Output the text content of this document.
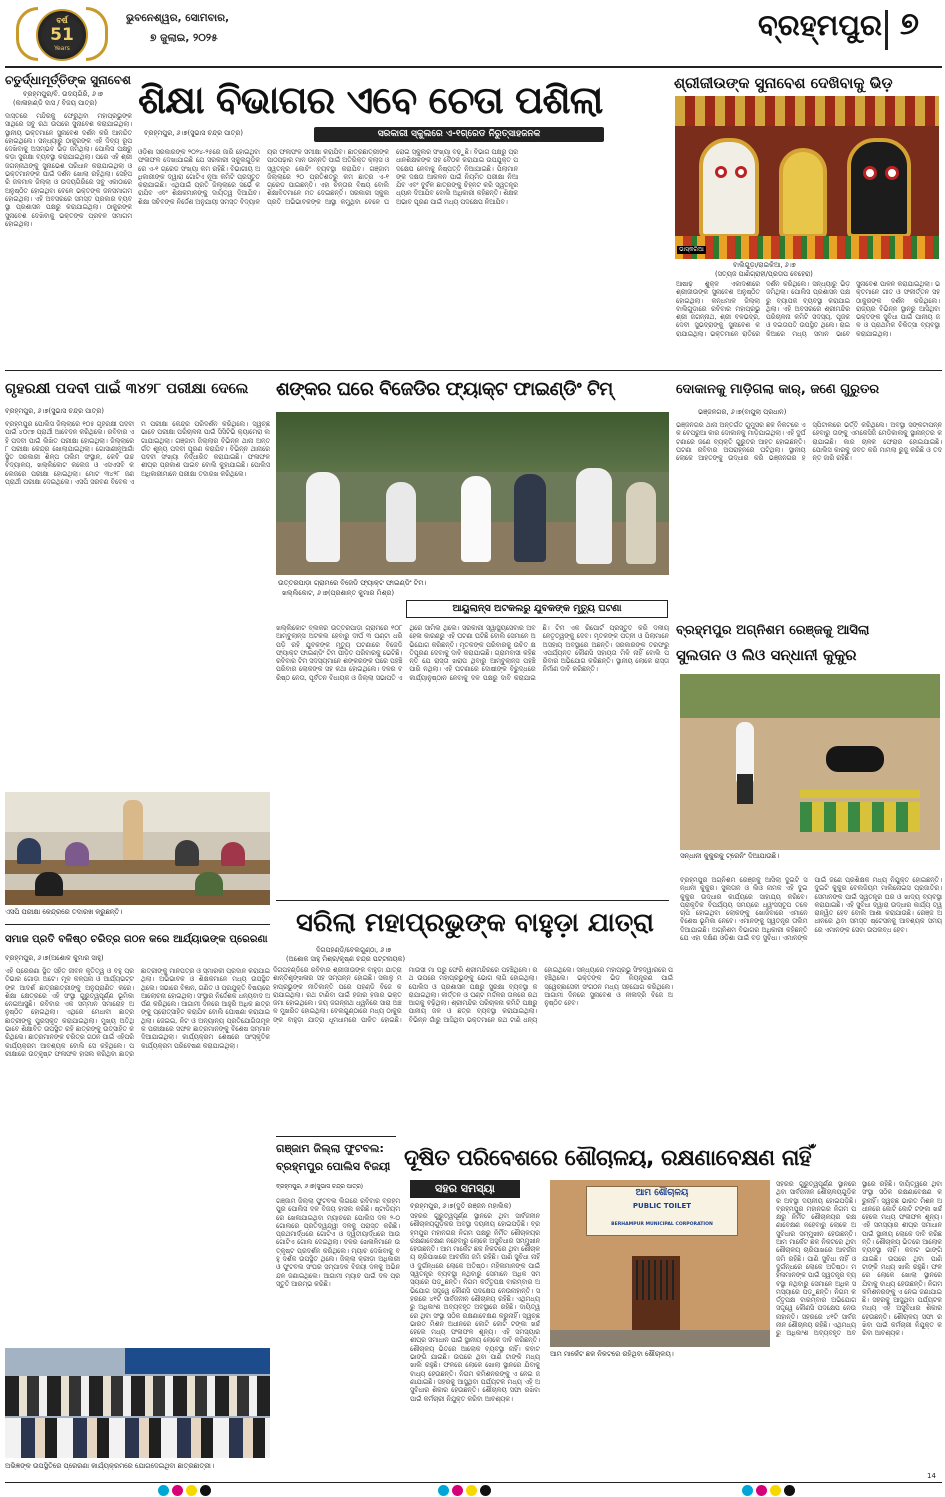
ବର୍ଷ
51
Years
ଭୁବନେଶ୍ୱର, ସୋମବାର,
୭ ଜୁଲାଇ, ୨୦୨୫	ବ୍ରହ୍ମପୁର ୭
ଚତୁର୍ଦ୍ଧାମୂର୍ତ୍ତିଙ୍କ ସୁନାବେଶ
ବ୍ରହ୍ମପୁର/ବି. ଉଦୟଗିରି, ୬।୭
(କାଳାହାଣ୍ଡି ଦାସ / ବିଜୟ ପାତ୍ର)
ଦାସ୍ତରେ ମନ୍ଦିରକୁ ଫେରୁଥିବା ମହାପ୍ରଭୁଙ୍କ ସାଥିରେ ସବୁ ରଥ ଉପରେ ସୁନାବେଶ କରାଯାଇଥିଲା। ସ୍ଥାନୀୟ ଭକ୍ତମାନେ ସୁନାବେଶ ଦର୍ଶନ କରି ଆନନ୍ଦିତ ହୋଇଥିଲେ। ସନ୍ଧ୍ୟାରୁ ଠାକୁରଙ୍କ ଏହି ଦିବ୍ୟ ରୂପ ଦେଖିବାକୁ ଅସମ୍ଭବ ଭିଡ଼ ଜମିଥିଲା। ପୋଲିସ ପକ୍ଷରୁ କଡ଼ା ସୁରକ୍ଷା ବ୍ୟବସ୍ଥା କରାଯାଇଥିଲା। ପରେ ଏହି ଶ୍ରୀ ଜଗନ୍ନାଥଙ୍କୁ ସୁନାଭେଶ ପରିଧାନ କରାଯାଇଥିଲା ଓ ଭକ୍ତମାନଙ୍କ ପାଇଁ ଦର୍ଶନ ଖୋଲା ରହିଥିଲା। ସେହିପରି ଜଳମାଳ ଜିଲ୍ଲା ଓ ଉଦୟଗିରିରେ ସବୁ ଏକାଠାରେ ଅନୁଷ୍ଠିତ ହୋଇଥିବା ବେଳେ ଭକ୍ତଙ୍କ ଜନସମାଗମ ହୋଇଥିଲା। ଏହି ଅବସରରେ ସମସ୍ତ ପ୍ରକାର ବ୍ୟବସ୍ଥା ପ୍ରଶାସନ ପକ୍ଷରୁ କରାଯାଇଥିଲା। ଠାକୁରଙ୍କ ସୁନାବେଶ ଦେଖିବାକୁ ଭକ୍ତଙ୍କ ପ୍ରବଳ ସମାଗମ ହୋଇଥିଲା।
ଶିକ୍ଷା ବିଭାଗର ଏବେ ଚେତା ପଶିଲା
ବ୍ରହ୍ମପୁର, ୬।୭(ସୁଭାସ ଚନ୍ଦ୍ର ପାତ୍ର)	ସରକାରୀ ସ୍କୁଲରେ ଏ-୧ଗ୍ରେଡ ନିରୁତ୍ସାହଜନକ
ଓଡ଼ିଶା ସରକାରଙ୍କ ୨୦୨୪-୨୫ରେ ଜାରି ହୋଇଥିବା ଫଳାଫଳ ଦେଖାଯାଇଛି ଯେ ସରକାରୀ ସ୍କୁଲଗୁଡ଼ିକରେ ଏ-୧ ଗ୍ରେଡ ସଂଖ୍ୟା କମ ରହିଛି। ବିଭାଗୀୟ ଅଧିକାରୀଙ୍କ ଦ୍ୱାରା ଗୋଟିଏ ନୂଆ କମିଟି ପ୍ରସ୍ତୁତ କରାଯାଇଛି। ଏଥିପାଇଁ ପ୍ରତି ଜିଲ୍ଲାରେ ସର୍ଭେ କରାଯିବ ଏବଂ ଶିକ୍ଷକମାନଙ୍କୁ ଦାୟିତ୍ୱ ଦିଆଯିବ। ଶିକ୍ଷା ସଚିବଙ୍କ ନିର୍ଦ୍ଦେଶ ଅନୁଯାୟୀ ସମସ୍ତ ବିଦ୍ୟାଳୟର ଫଳାଫଳ ସମୀକ୍ଷା କରାଯିବ। ଛାତ୍ରଛାତ୍ରୀଙ୍କ ପାଠପଢ଼ାର ମାନ ଉନ୍ନତି ପାଇଁ ଅତିରିକ୍ତ କ୍ଲାସ ଓ ସ୍ୱତନ୍ତ୍ର କୋଚିଂ ବ୍ୟବସ୍ଥା କରାଯିବ। ଗଞ୍ଜାମ ଜିଲ୍ଲାରେ ୨୦ ପ୍ରତିଶତରୁ କମ ଛାତ୍ର ଏ-୧ ଗ୍ରେଡ ପାଇଛନ୍ତି। ଏହା ଚିନ୍ତାର ବିଷୟ ବୋଲି ଶିକ୍ଷାବିତମାନେ ମତ ଦେଇଛନ୍ତି। ସରକାରୀ ସ୍କୁଲ ପ୍ରତି ଅଭିଭାବକଙ୍କ ଆସ୍ଥା କମୁଥିବା ବେଳେ ଘରୋଇ ସ୍କୁଲର ସଂଖ୍ୟା ବଢ଼ୁଛି। ବିଭାଗ ପକ୍ଷରୁ ପ୍ରଧାନଶିକ୍ଷକଙ୍କ ସହ ବୈଠକ କରାଯାଇ ଉପଯୁକ୍ତ ପଦକ୍ଷେପ ନେବାକୁ ନିଷ୍ପତ୍ତି ନିଆଯାଇଛି। ପିଲାମାନଙ୍କ ଦକ୍ଷତା ଆକଳନ ପାଇଁ ନିୟମିତ ପରୀକ୍ଷା ନିଆଯିବ ଏବଂ ଦୁର୍ବଳ ଛାତ୍ରଙ୍କୁ ଚିହ୍ନଟ କରି ସ୍ୱତନ୍ତ୍ର ଧ୍ୟାନ ଦିଆଯିବ ବୋଲି ଅଧିକାରୀ କହିଛନ୍ତି। ଶିକ୍ଷକ ଅଭାବ ପୂରଣ ପାଇଁ ମଧ୍ୟ ପଦକ୍ଷେପ ନିଆଯିବ।
ଶ୍ରୀଜୀଉଙ୍କ ସୁନାବେଶ ଦେଖିବାକୁ ଭିଡ଼
ଭାସ୍କରିଆ
ବାଲିଗୁଡ଼ା/ରାଇକିଆ, ୬।୭
(ସତ୍ୟଜ ପାଣିଗ୍ରାହୀ/ପ୍ରତାପ ବେହେରା)
ଆଷାଢ଼ ଶୁକ୍ଳ ଏକାଦଶୀରେ ଶ୍ରୀଜୀଉଙ୍କ ସୁନାବେଶ ଅନୁଷ୍ଠିତ ହୋଇଥିଲା। କନ୍ଧମାଳ ଜିଲ୍ଲା ବାଲିଗୁଡ଼ାରେ ରବିବାର ମହାପ୍ରଭୁ ଶ୍ରୀ ଜଗନ୍ନାଥ, ଶ୍ରୀ ବଳଭଦ୍ର, ଦେବୀ ସୁଭଦ୍ରାଙ୍କୁ ସୁନାବେଶ କରାଯାଇଥିଲା। ଭକ୍ତମାନେ ରାତିରେ ଦର୍ଶନ କରିଥିଲେ। ସନ୍ଧ୍ୟାରୁ ଭିଡ଼ ଜମିଥିଲା। ପୋଲିସ ପ୍ରଶାସନ ପକ୍ଷରୁ ବ୍ୟାପକ ବ୍ୟବସ୍ଥା କରାଯାଇଥିଲା। ଏହି ଅବସରରେ ଶ୍ରୀମନ୍ଦିର ପରିଚାଳନା କମିଟି ସଦସ୍ୟ, ପୂଜକ ଓ ଦଇତାପତି ଉପସ୍ଥିତ ଥିଲେ। ରାଇକିଆରେ ମଧ୍ୟ ସମାନ ଭାବେ ସୁନାବେଶ ପାଳନ କରାଯାଇଥିଲା। ଭକ୍ତମାନେ ଗୀତ ଓ ସଂକୀର୍ତ୍ତନ ସହ ଠାକୁରଙ୍କ ଦର୍ଶନ କରିଥିଲେ। ରାଜ୍ୟର ବିଭିନ୍ନ ସ୍ଥାନରୁ ଆସିଥିବା ଭକ୍ତଙ୍କ ସୁବିଧା ପାଇଁ ପାନୀୟ ଜଳ ଓ ପ୍ରାଥମିକ ଚିକିତ୍ସା ବ୍ୟବସ୍ଥା କରାଯାଇଥିଲା।
ଗୃହରକ୍ଷୀ ପଦବୀ ପାଇଁ ୩୪୨୮ ପରୀକ୍ଷା ଦେଲେ
ବ୍ରହ୍ମପୁର, ୬।୭(ସୁଭାସ ଚନ୍ଦ୍ର ପାତ୍ର)
ବ୍ରହ୍ମପୁର ପୋଲିସ ଜିଲ୍ଲାରେ ୧୦୫ ଗୃହରକ୍ଷୀ ପଦବୀ ପାଇଁ ୪୦୯୭ ପ୍ରାର୍ଥୀ ଆବେଦନ କରିଥିଲେ। ରବିବାର ଏହି ପଦବୀ ପାଇଁ ଲିଖିତ ପରୀକ୍ଷା ହୋଇଥିଲା। ଜିଲ୍ଲାରେ ୮ ପରୀକ୍ଷା କେନ୍ଦ୍ର ଖୋଲାଯାଇଥିଲା। ଗୋସାଣୀନୂଆଗାଁ ସ୍ଥିତ ସରକାରୀ ଶିଳ୍ପ ତାଲିମ ସଂସ୍ଥାନ, କେବି ଉଚ୍ଚ ବିଦ୍ୟାଳୟ, ଖଲ୍ଲିକୋଟ କଲେଜ ଓ ଏସଏସବି କଲେଜରେ ପରୀକ୍ଷା ହୋଇଥିଲା। ମୋଟ ୩୪୨୮ ଜଣ ପ୍ରାର୍ଥୀ ପରୀକ୍ଷା ଦେଇଥିଲେ। ଏସପି ସରବଣ ବିବେକ ଏମ ପରୀକ୍ଷା କେନ୍ଦ୍ର ପରିଦର୍ଶନ କରିଥିଲେ। ସ୍ୱଚ୍ଛ ଭାବେ ପରୀକ୍ଷା ପରିଚାଳନା ପାଇଁ ସିସିଟିଭି କ୍ୟାମେରା ଲଗାଯାଇଥିଲା। ଗଞ୍ଜାମ ଜିଲ୍ଲାର ବିଭିନ୍ନ ଥାନା ଅନ୍ତର୍ଗତ ଶୂନ୍ୟ ପଦବୀ ପୂରଣ କରାଯିବ। ବିଭିନ୍ନ ଥାନାରେ ପଦବୀ ସଂଖ୍ୟା ନିର୍ଦ୍ଧାରିତ କରାଯାଇଛି। ଫଳାଫଳ ଶୀଘ୍ର ପ୍ରକାଶ ପାଇବ ବୋଲି କୁହାଯାଇଛି। ପୋଲିସ ଅଧିକାରୀମାନେ ପରୀକ୍ଷା ତଦାରଖ କରିଥିଲେ।
ଏସପି ପରୀକ୍ଷା କେନ୍ଦ୍ରରେ ତଦାରଖ କରୁଛନ୍ତି।
ଶଙ୍କର ଘରେ ବିଜେଡିର ଫ୍ୟାକ୍ଟ ଫାଇଣ୍ଡିଂ ଟିମ୍
ଉତ୍ତରପାଡ଼ା ଗ୍ରାମରେ ବିଜେଡି ଫ୍ୟାକ୍ଟ ଫାଇଣ୍ଡିଂ ଟିମ।
ଖଲ୍ଲିକୋଟ, ୬।୭(ପ୍ରଶାନ୍ତ କୁମାର ମିଶ୍ର)
ଆୟୁଲାନ୍ସ ଅଟକଲରୁ ଯୁବକଙ୍କ ମୃତ୍ୟୁ ଘଟଣା
ଖଲ୍ଲିକୋଟ ବ୍ଲକର ଉତ୍ତରପାଡ଼ା ଗ୍ରାମରେ ୧୦୮ ଆମ୍ବୁଲାନ୍ସ ଅଟକଲ ହେବାରୁ ଦୀର୍ଘ ୩ ଘଣ୍ଟା ଧରି ପଡ଼ି ରହି ଯୁବକଙ୍କ ମୃତ୍ୟୁ ଘଟଣାରେ ବିଜେଡି ଫ୍ୟାକ୍ଟ ଫାଇଣ୍ଡିଂ ଟିମ ପୀଡ଼ିତ ପରିବାରକୁ ଭେଟିଛି। ରବିବାର ଟିମ ସଦସ୍ୟମାନେ ଶଙ୍କରଙ୍କ ଘରେ ପହଞ୍ଚି ପରିବାର ଲୋକଙ୍କ ସହ କଥା ହୋଇଥିଲେ। ଦଳର ବରିଷ୍ଠ ନେତା, ପୂର୍ବତନ ବିଧାୟକ ଓ ଜିଲ୍ଲା ସଭାପତି ଏଥିରେ ସାମିଲ ଥିଲେ। ସରକାରୀ ସ୍ୱାସ୍ଥ୍ୟସେବାର ଅବହେଳା କାରଣରୁ ଏହି ଘଟଣା ଘଟିଛି ବୋଲି ସେମାନେ ଅଭିଯୋଗ କରିଛନ୍ତି। ମୃତକଙ୍କ ପରିବାରକୁ ଉଚିତ କ୍ଷତିପୂରଣ ଦେବାକୁ ଦାବି କରାଯାଇଛି। ଗ୍ରାମବାସୀ କହିଛନ୍ତି ଯେ ରାସ୍ତା ଖରାପ ଥିବାରୁ ଆମ୍ବୁଲାନ୍ସ ପହଞ୍ଚି ପାରି ନଥିଲା। ଏହି ଘଟଣାରେ ଦୋଷୀଙ୍କ ବିରୁଦ୍ଧରେ କାର୍ଯ୍ୟାନୁଷ୍ଠାନ ନେବାକୁ ଦଳ ପକ୍ଷରୁ ଦାବି କରାଯାଇଛି। ଟିମ ଏକ ରିପୋର୍ଟ ପ୍ରସ୍ତୁତ କରି ଦଳୀୟ ନେତୃତ୍ୱଙ୍କୁ ଦେବ। ମୃତକଙ୍କ ପତ୍ନୀ ଓ ପିଲାମାନେ ଅସହାୟ ଅବସ୍ଥାରେ ଅଛନ୍ତି। ସରକାରଙ୍କ ତରଫରୁ ଏପର୍ଯ୍ୟନ୍ତ କୌଣସି ସହାୟତା ମିଳି ନାହିଁ ବୋଲି ପରିବାର ଅଭିଯୋଗ କରିଛନ୍ତି। ସ୍ଥାନୀୟ ଲୋକେ ରାସ୍ତା ନିର୍ମାଣ ଦାବି କରିଛନ୍ତି।
ଦୋକାନକୁ ମାଡ଼ିଗଲା କାର୍, ଜଣେ ଗୁରୁତର
ଭଞ୍ଜନଗର, ୬।୭(ବାପୁଲା ପ୍ରଧାନ)
ଭଞ୍ଜନଗର ଥାନା ଅନ୍ତର୍ଗତ ଗୁମୁସର ଛକ ନିକଟରେ ଏକ ବେପରୁଆ କାର ଦୋକାନକୁ ମାଡ଼ିଯାଇଥିଲା। ଏହି ଦୁର୍ଘଟଣାରେ ଜଣେ ବ୍ୟକ୍ତି ଗୁରୁତର ଆହତ ହୋଇଛନ୍ତି। ଘଟଣା ରବିବାର ଅପରାହ୍ନରେ ଘଟିଥିଲା। ସ୍ଥାନୀୟ ଲୋକେ ଆହତଙ୍କୁ ଉଦ୍ଧାର କରି ଭଞ୍ଜନଗର ହସ୍ପିଟାଲରେ ଭର୍ତ୍ତି କରିଥିଲେ। ଅବସ୍ଥା ସଙ୍କଟାପନ୍ନ ହେବାରୁ ତାଙ୍କୁ ଏମକେସିଜି ମେଡିକାଲକୁ ସ୍ଥାନାନ୍ତର କରାଯାଇଛି। କାର ଚାଳକ ଫେରାର ହୋଇଯାଇଛି। ପୋଲିସ କାରକୁ ଜବତ କରି ମାମଲା ରୁଜୁ କରିଛି ଓ ତଦନ୍ତ ଜାରି ରହିଛି।
ବ୍ରହ୍ମପୁର ଅଗ୍ନିଶମ ରେଞ୍ଜକୁ ଆସିଲା
ସୁଲତାନ ଓ ଲିଓ ସନ୍ଧାନୀ କୁକୁର
ସନ୍ଧାନୀ କୁକୁରକୁ ଟ୍ରେନିଂ ଦିଆଯାଉଛି।
ସରିଲା ମହାପ୍ରଭୁଙ୍କ ବାହୁଡ଼ା ଯାତ୍ରା
ଦିଗପହଣ୍ଡି/ବେଲଗୁଣ୍ଠା, ୬।୭
(ଅଶୋକ ସାହୁ ମିଶ୍ର/କୃଷ୍ଣ ଚନ୍ଦ୍ର ପଟ୍ଟନାୟକ)
ଦିଗପହଣ୍ଡିରେ ରବିବାର ଶ୍ରୀଜୀଉଙ୍କ ବାହୁଡ଼ା ଯାତ୍ରା ଶାନ୍ତିଶୃଙ୍ଖଳାର ସହ ସମ୍ପନ୍ନ ହୋଇଛି। ସକାଳୁ ମହାପ୍ରଭୁଙ୍କ ନୀତିକାନ୍ତି ପରେ ପହଣ୍ଡି ବିଜେ କରାଯାଇଥିଲା। ରଥ ଟାଣିବା ପାଇଁ ହଜାର ହଜାର ଭକ୍ତ ଜମା ହୋଇଥିଲେ। ଜୟ ଜଗନ୍ନାଥ ଧ୍ୱନିରେ ସାରା ଅଞ୍ଚଳ ମୁଖରିତ ହୋଇଥିଲା। ବେଲଗୁଣ୍ଠାରେ ମଧ୍ୟ ଠାକୁରଙ୍କ ବାହୁଡ଼ା ଯାତ୍ରା ଧୂମଧାମରେ ପାଳିତ ହୋଇଛି। ମାଉସୀ ମା ଘରୁ ଫେରି ଶ୍ରୀମନ୍ଦିରରେ ପହଞ୍ଚିଥିଲେ। ରଥ ଉପରେ ମହାପ୍ରଭୁଙ୍କୁ ଭୋଗ ଲାଗି ହୋଇଥିଲା। ପୋଲିସ ଓ ପ୍ରଶାସନ ପକ୍ଷରୁ ସୁରକ୍ଷା ବ୍ୟବସ୍ଥା କରାଯାଇଥିଲା। କୀର୍ତ୍ତନ ଓ ଘଣ୍ଟ ମର୍ଦ୍ଦଳର ତାଳରେ ରଥ ଆଗକୁ ବଢ଼ିଥିଲା। ଶ୍ରୀମନ୍ଦିର ପରିଚାଳନା କମିଟି ପକ୍ଷରୁ ପାନୀୟ ଜଳ ଓ ଛତ୍ର ବ୍ୟବସ୍ଥା କରାଯାଇଥିଲା। ବିଭିନ୍ନ ଗାଁରୁ ଆସିଥିବା ଭକ୍ତମାନେ ରଥ ଟାଣି ଧନ୍ୟ ହୋଇଥିଲେ। ସନ୍ଧ୍ୟାରେ ମହାପ୍ରଭୁ ସିଂହଦ୍ୱାରରେ ପହଞ୍ଚିଥିଲେ। ଭକ୍ତଙ୍କ ଭିଡ଼ ନିୟନ୍ତ୍ରଣ ପାଇଁ ସ୍ୱେଚ୍ଛାସେବୀ ସଂଗଠନ ମଧ୍ୟ ସହଯୋଗ କରିଥିଲେ। ଆଗାମୀ ଦିନରେ ସୁନାବେଶ ଓ ନୀଳାଦ୍ରି ବିଜେ ଅନୁଷ୍ଠିତ ହେବ।
ବ୍ରହ୍ମପୁର ଅଗ୍ନିଶମ ରେଞ୍ଜକୁ ଆସିଲା ଦୁଇଟି ସନ୍ଧାନୀ କୁକୁର। ସୁଲତାନ ଓ ଲିଓ ନାମକ ଏହି ଦୁଇ କୁକୁର ଉଦ୍ଧାର କାର୍ଯ୍ୟରେ ସାହାଯ୍ୟ କରିବେ। ପ୍ରାକୃତିକ ବିପର୍ଯ୍ୟୟ ସମୟରେ ଧ୍ୱଂସସ୍ତୂପ ତଳେ ଚାପି ହୋଇଥିବା ଲୋକଙ୍କୁ ଖୋଜିବାରେ ଏମାନେ ବିଶେଷ ଭୂମିକା ନେବେ। ଏମାନଙ୍କୁ ସ୍ୱତନ୍ତ୍ର ତାଲିମ ଦିଆଯାଇଛି। ଅଗ୍ନିଶମ ବିଭାଗର ଅଧିକାରୀ କହିଛନ୍ତି ଯେ ଏହା ଦକ୍ଷିଣ ଓଡ଼ିଶା ପାଇଁ ବଡ଼ ସୁବିଧା। ଏମାନଙ୍କ ପାଇଁ ଜଣେ ପ୍ରଶିକ୍ଷକ ମଧ୍ୟ ନିଯୁକ୍ତ ହୋଇଛନ୍ତି। ଦୁଇଟି କୁକୁର ବେଲଜିୟମ ମାଲିନୋଇସ ପ୍ରଜାତିର। ସେମାନଙ୍କ ପାଇଁ ସ୍ୱତନ୍ତ୍ର ଘର ଓ ଖାଦ୍ୟ ବ୍ୟବସ୍ଥା କରାଯାଇଛି। ଏହି ସୁବିଧା ଦ୍ୱାରା ଉଦ୍ଧାର କାର୍ଯ୍ୟ ତ୍ୱରାନ୍ୱିତ ହେବ ବୋଲି ଆଶା କରାଯାଉଛି। ରେଞ୍ଜ ଅଧୀନରେ ଥିବା ସମସ୍ତ ଷ୍ଟେସନକୁ ଆବଶ୍ୟକ ସମୟରେ ଏମାନଙ୍କ ସେବା ଉପଲବ୍ଧ ହେବ।
ସମାଜ ପ୍ରତି ବଳିଷ୍ଠ ଚରିତ୍ର ଗଠନ କରେ ଆର୍ଯ୍ୟାଭଙ୍କ ପ୍ରେରଣା
ବ୍ରହ୍ମପୁର, ୬।୭(ଅଶୋକ କୁମାର ସାହୁ)
ଏହି ପ୍ରେରଣା ସ୍ଥିତ ସହିତ ଜୀବନ କୃତିତ୍ୱ ଓ ବହୁ ପ୍ରତିଭାର ଗୋଡ଼ା ଅଟେ। ମୂଳ କଳ୍ପନା ଓ ଆର୍ଯ୍ୟଭଟ୍ଟଙ୍କ ଆଦର୍ଶ ଛାତ୍ରଛାତ୍ରୀଙ୍କୁ ଅନୁପ୍ରାଣିତ କରେ। ଶିକ୍ଷା କ୍ଷେତ୍ରରେ ଏହି ସଂସ୍ଥା ଗୁରୁତ୍ୱପୂର୍ଣ୍ଣ ଭୂମିକା ନେଇଆସୁଛି। ରବିବାର ଏକ ସମ୍ମାନ ସମାରୋହ ଅନୁଷ୍ଠିତ ହୋଇଥିଲା। ଏଥିରେ ମେଧାବୀ ଛାତ୍ରଛାତ୍ରୀଙ୍କୁ ପୁରସ୍କୃତ କରାଯାଇଥିଲା। ମୁଖ୍ୟ ଅତିଥି ଭାବେ ଶିକ୍ଷାବିତ ଉପସ୍ଥିତ ରହି ଛାତ୍ରଙ୍କୁ ଉତ୍ସାହିତ କରିଥିଲେ। ଛାତ୍ରମାନଙ୍କ ଚରିତ୍ର ଗଠନ ପାଇଁ ଏହିପରି କାର୍ଯ୍ୟକ୍ରମ ଆବଶ୍ୟକ ବୋଲି ସେ କହିଥିଲେ। ପରୀକ୍ଷାରେ ଉତ୍କୃଷ୍ଟ ଫଳାଫଳ ହାସଲ କରିଥିବା ଛାତ୍ରଛାତ୍ରୀଙ୍କୁ ମାନପତ୍ର ଓ ସ୍ମାରକୀ ପ୍ରଦାନ କରାଯାଇଥିଲା। ଅଭିଭାବକ ଓ ଶିକ୍ଷକମାନେ ମଧ୍ୟ ଉପସ୍ଥିତ ଥିଲେ। ସଭାରେ ବିଜ୍ଞାନ, ଗଣିତ ଓ ପ୍ରଯୁକ୍ତି ବିଷୟରେ ଆଲୋଚନା ହୋଇଥିଲା। ସଂସ୍ଥାର ନିର୍ଦ୍ଦେଶକ ଧନ୍ୟବାଦ ଅର୍ପଣ କରିଥିଲେ। ଆଗାମୀ ଦିନରେ ଆହୁରି ଅଧିକ ଛାତ୍ରଙ୍କୁ ପ୍ରୋତ୍ସାହିତ କରାଯିବ ବୋଲି ଘୋଷଣା କରାଯାଇଥିଲା। ଜେଇଇ, ନିଟ ଓ ଅନ୍ୟାନ୍ୟ ପ୍ରତିଯୋଗିତାମୂଳକ ପରୀକ୍ଷାରେ ସଫଳ ଛାତ୍ରମାନଙ୍କୁ ବିଶେଷ ସମ୍ମାନ ଦିଆଯାଇଥିଲା। କାର୍ଯ୍ୟକ୍ରମ ଶେଷରେ ସାଂସ୍କୃତିକ କାର୍ଯ୍ୟକ୍ରମ ପରିବେଷଣ କରାଯାଇଥିଲା।
ଅଭିଜ୍ଞଙ୍କ ଉପସ୍ଥିତିରେ ପ୍ରେରଣା କାର୍ଯ୍ୟକ୍ରମରେ ଯୋଗଦେଇଥିବା ଛାତ୍ରଛାତ୍ରୀ।
ଗଞ୍ଜାମ ଜିଲ୍ଲା ଫୁଟବଲ:
ବ୍ରହ୍ମପୁର ପୋଲିସ ବିଜୟୀ
ବ୍ରହ୍ମପୁର, ୬।୭(ସୁଭାସ ଚନ୍ଦ୍ର ପାତ୍ର)
ଗଞ୍ଜାମ ଜିଲ୍ଲା ଫୁଟବଲ ଲିଗରେ ରବିବାର ବ୍ରହ୍ମପୁର ପୋଲିସ ଦଳ ବିଜୟ ହାସଲ କରିଛି। ଷ୍ଟାଡିୟମରେ ଖେଳାଯାଇଥିବା ମ୍ୟାଚରେ ପୋଲିସ ଦଳ ୨-୦ ଗୋଲରେ ପ୍ରତିଦ୍ୱନ୍ଦ୍ୱୀ ଦଳକୁ ପରାସ୍ତ କରିଛି। ପ୍ରଥମାର୍ଦ୍ଧରେ ଗୋଟିଏ ଓ ଦ୍ୱିତୀୟାର୍ଦ୍ଧରେ ଆଉ ଗୋଟିଏ ଗୋଲ ଦେଇଥିଲା। ଦଳର ଖେଳାଳିମାନେ ଉତ୍କୃଷ୍ଟ ପ୍ରଦର୍ଶନ କରିଥିଲେ। ମ୍ୟାଚ ଦେଖିବାକୁ ବହୁ ଦର୍ଶକ ଉପସ୍ଥିତ ଥିଲେ। ଜିଲ୍ଲା କ୍ରୀଡ଼ା ଅଧିକାରୀ ଓ ଫୁଟବଲ ସଂଘର ସମ୍ପାଦକ ବିଜୟୀ ଦଳକୁ ଅଭିନନ୍ଦନ ଜଣାଇଥିଲେ। ଆଗାମୀ ମ୍ୟାଚ ପାଇଁ ଦଳ ପ୍ରସ୍ତୁତି ଆରମ୍ଭ କରିଛି।
ଦୂଷିତ ପରିବେଶରେ ଶୌଚାଳୟ, ରକ୍ଷଣାବେକ୍ଷଣ ନାହିଁ
ସହର ସମସ୍ୟା
ବ୍ରହ୍ମପୁର, ୬।୭(ଦୁତି ରଞ୍ଜନ ମହାଲିକ)
ସହରର ଗୁରୁତ୍ୱପୂର୍ଣ୍ଣ ସ୍ଥାନରେ ଥିବା ସାର୍ବଜନୀନ ଶୌଚାଳୟଗୁଡ଼ିକର ଅବସ୍ଥା ଦୟନୀୟ ହୋଇପଡ଼ିଛି। ବ୍ରହ୍ମପୁର ମହାନଗର ନିଗମ ପକ୍ଷରୁ ନିର୍ମିତ ଶୌଚାଳୟର ରକ୍ଷଣାବେକ୍ଷଣ ନହେବାରୁ ଲୋକେ ଅସୁବିଧାର ସମ୍ମୁଖୀନ ହେଉଛନ୍ତି। ଆମ ମାର୍କେଟ ଛକ ନିକଟରେ ଥିବା ଶୌଚାଳୟ ଚାରିପାଖରେ ଆବର୍ଜନା ଜମି ରହିଛି। ପାଣି ସୁବିଧା ନାହିଁ ଓ ଦୁର୍ଗନ୍ଧରେ ଲୋକେ ଅତିଷ୍ଠ। ମହିଳାମାନଙ୍କ ପାଇଁ ସ୍ୱତନ୍ତ୍ର ବ୍ୟବସ୍ଥା ନଥିବାରୁ ସେମାନେ ଅଧିକ ସମସ୍ୟାରେ ପଡ଼ୁଛନ୍ତି। ନିଗମ କର୍ତ୍ତୃପକ୍ଷ ବାରମ୍ବାର ଅଭିଯୋଗ ସତ୍ତ୍ୱେ କୌଣସି ପଦକ୍ଷେପ ନେଉନାହାନ୍ତି। ସହରରେ ୪୧ଟି ସାର୍ବଜନୀନ ଶୌଚାଳୟ ରହିଛି। ଏଥିମଧ୍ୟରୁ ଅଧିକାଂଶ ଅବ୍ୟବହୃତ ଅବସ୍ଥାରେ ରହିଛି। ଦାୟିତ୍ୱରେ ଥିବା ସଂସ୍ଥା ସଠିକ ରକ୍ଷଣାବେକ୍ଷଣ କରୁନାହିଁ। ସ୍ୱଚ୍ଛ ଭାରତ ମିଶନ ଅଧୀନରେ କୋଟି କୋଟି ଟଙ୍କା ଖର୍ଚ୍ଚ ହେଲେ ମଧ୍ୟ ଫଳାଫଳ ଶୂନ୍ୟ। ଏହି ସମସ୍ୟାର ଶୀଘ୍ର ସମାଧାନ ପାଇଁ ସ୍ଥାନୀୟ ଲୋକେ ଦାବି କରିଛନ୍ତି। ଶୌଚାଳୟ ଭିତରେ ଆଲୋକ ବ୍ୟବସ୍ଥା ନାହିଁ। କବାଟ ଭାଙ୍ଗି ଯାଇଛି। ଉପରେ ଥିବା ପାଣି ଟାଙ୍କି ମଧ୍ୟ ଖାଲି ରହୁଛି। ଫଳରେ ଲୋକେ ଖୋଲା ସ୍ଥାନରେ ଯିବାକୁ ବାଧ୍ୟ ହେଉଛନ୍ତି। ନିଗମ କମିଶନରଙ୍କୁ ଏ ନେଇ ଜଣାଯାଇଛି। ସହରକୁ ଆସୁଥିବା ପର୍ଯ୍ୟଟକ ମଧ୍ୟ ଏହି ଅସୁବିଧାର ଶିକାର ହେଉଛନ୍ତି। ଶୌଚାଳୟ ସଫା ରଖିବା ପାଇଁ କର୍ମଚାରୀ ନିଯୁକ୍ତ କରିବା ଆବଶ୍ୟକ।
ଆମ ଶୌଚାଳୟ
PUBLIC TOILET
BERHAMPUR MUNICIPAL CORPORATION
ଆମ ମାର୍କେଟ ଛକ ନିକଟରେ ରହିଥିବା ଶୌଚାଳୟ।
ସହରର ଗୁରୁତ୍ୱପୂର୍ଣ୍ଣ ସ୍ଥାନରେ ଥିବା ସାର୍ବଜନୀନ ଶୌଚାଳୟଗୁଡ଼ିକର ଅବସ୍ଥା ଦୟନୀୟ ହୋଇପଡ଼ିଛି। ବ୍ରହ୍ମପୁର ମହାନଗର ନିଗମ ପକ୍ଷରୁ ନିର୍ମିତ ଶୌଚାଳୟର ରକ୍ଷଣାବେକ୍ଷଣ ନହେବାରୁ ଲୋକେ ଅସୁବିଧାର ସମ୍ମୁଖୀନ ହେଉଛନ୍ତି। ଆମ ମାର୍କେଟ ଛକ ନିକଟରେ ଥିବା ଶୌଚାଳୟ ଚାରିପାଖରେ ଆବର୍ଜନା ଜମି ରହିଛି। ପାଣି ସୁବିଧା ନାହିଁ ଓ ଦୁର୍ଗନ୍ଧରେ ଲୋକେ ଅତିଷ୍ଠ। ମହିଳାମାନଙ୍କ ପାଇଁ ସ୍ୱତନ୍ତ୍ର ବ୍ୟବସ୍ଥା ନଥିବାରୁ ସେମାନେ ଅଧିକ ସମସ୍ୟାରେ ପଡ଼ୁଛନ୍ତି। ନିଗମ କର୍ତ୍ତୃପକ୍ଷ ବାରମ୍ବାର ଅଭିଯୋଗ ସତ୍ତ୍ୱେ କୌଣସି ପଦକ୍ଷେପ ନେଉନାହାନ୍ତି। ସହରରେ ୪୧ଟି ସାର୍ବଜନୀନ ଶୌଚାଳୟ ରହିଛି। ଏଥିମଧ୍ୟରୁ ଅଧିକାଂଶ ଅବ୍ୟବହୃତ ଅବସ୍ଥାରେ ରହିଛି। ଦାୟିତ୍ୱରେ ଥିବା ସଂସ୍ଥା ସଠିକ ରକ୍ଷଣାବେକ୍ଷଣ କରୁନାହିଁ। ସ୍ୱଚ୍ଛ ଭାରତ ମିଶନ ଅଧୀନରେ କୋଟି କୋଟି ଟଙ୍କା ଖର୍ଚ୍ଚ ହେଲେ ମଧ୍ୟ ଫଳାଫଳ ଶୂନ୍ୟ। ଏହି ସମସ୍ୟାର ଶୀଘ୍ର ସମାଧାନ ପାଇଁ ସ୍ଥାନୀୟ ଲୋକେ ଦାବି କରିଛନ୍ତି। ଶୌଚାଳୟ ଭିତରେ ଆଲୋକ ବ୍ୟବସ୍ଥା ନାହିଁ। କବାଟ ଭାଙ୍ଗି ଯାଇଛି। ଉପରେ ଥିବା ପାଣି ଟାଙ୍କି ମଧ୍ୟ ଖାଲି ରହୁଛି। ଫଳରେ ଲୋକେ ଖୋଲା ସ୍ଥାନରେ ଯିବାକୁ ବାଧ୍ୟ ହେଉଛନ୍ତି। ନିଗମ କମିଶନରଙ୍କୁ ଏ ନେଇ ଜଣାଯାଇଛି। ସହରକୁ ଆସୁଥିବା ପର୍ଯ୍ୟଟକ ମଧ୍ୟ ଏହି ଅସୁବିଧାର ଶିକାର ହେଉଛନ୍ତି। ଶୌଚାଳୟ ସଫା ରଖିବା ପାଇଁ କର୍ମଚାରୀ ନିଯୁକ୍ତ କରିବା ଆବଶ୍ୟକ।
14
